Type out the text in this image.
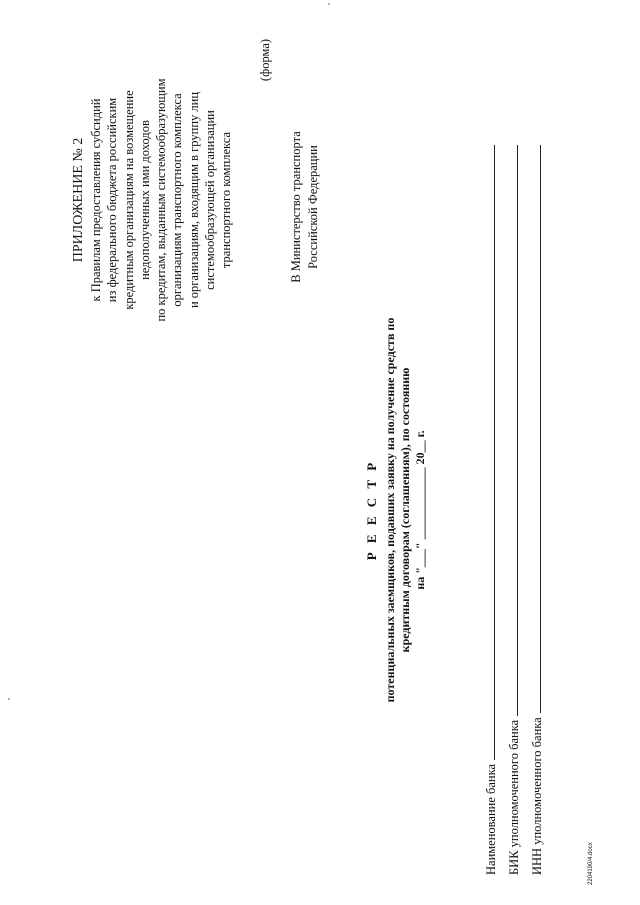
ПРИЛОЖЕНИЕ № 2 к Правилам предоставления субсидий из федерального бюджета российским кредитным организациям на возмещение недополученных ими доходов по кредитам, выданным системообразующим организациям транспортного комплекса и организациям, входящим в группу лиц системообразующей организации транспортного комплекса
(форма)
В Министерство транспорта Российской Федерации
Р Е Е С Т Р потенциальных заемщиков, подавших заявку на получение средств по кредитным договорам (соглашениям), по состоянию на "___" ____________ 20__ г.
Наименование банка БИК уполномоченного банка ИНН уполномоченного банка	2204190/4.docx
